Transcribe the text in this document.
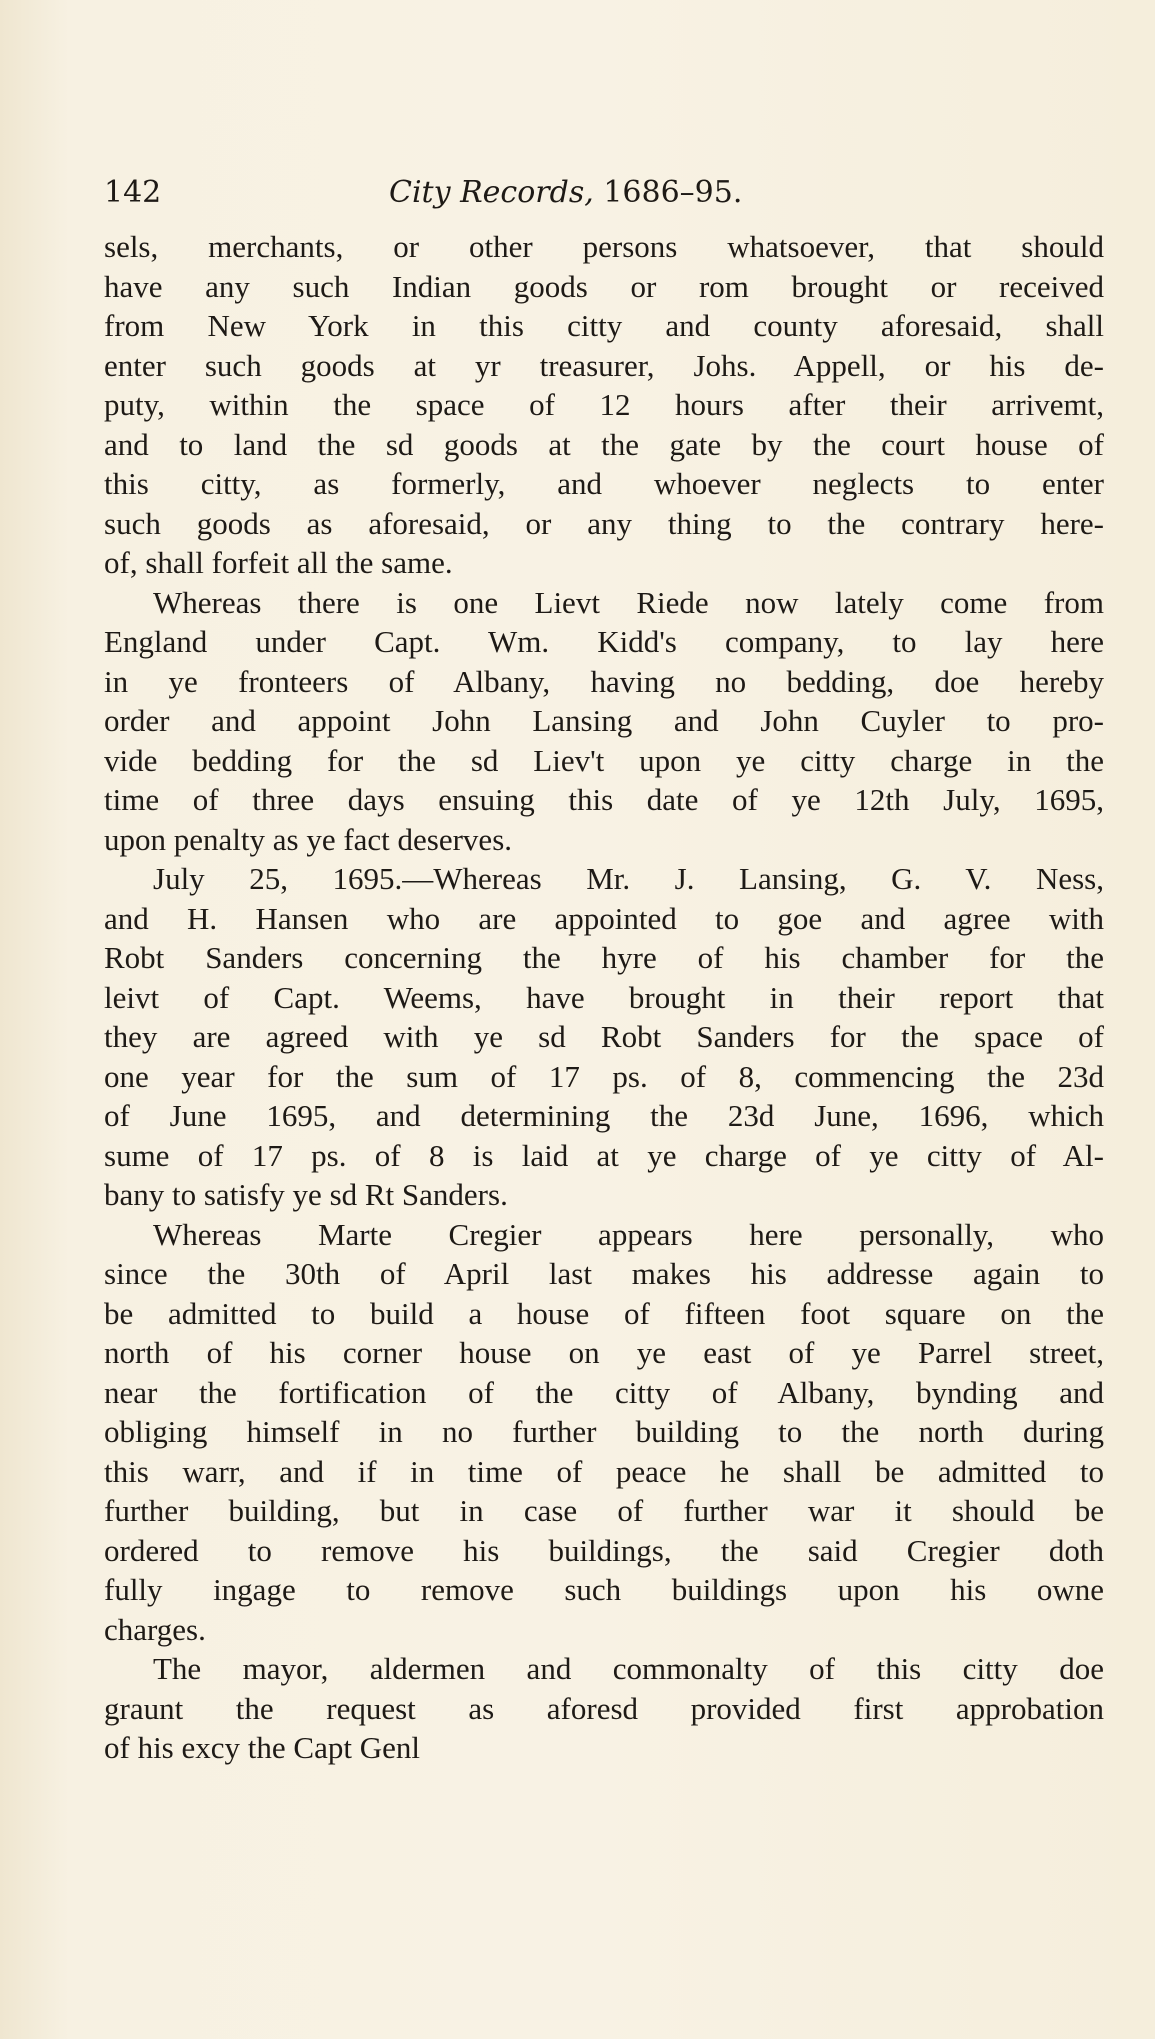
142	City Records, 1686–95.
sels, merchants, or other persons whatsoever, that should
have any such Indian goods or rom brought or received
from New York in this citty and county aforesaid, shall
enter such goods at yr treasurer, Johs. Appell, or his de-
puty, within the space of 12 hours after their arrivemt,
and to land the sd goods at the gate by the court house of
this citty, as formerly, and whoever neglects to enter
such goods as aforesaid, or any thing to the contrary here-
of, shall forfeit all the same.
Whereas there is one Lievt Riede now lately come from
England under Capt. Wm. Kidd's company, to lay here
in ye fronteers of Albany, having no bedding, doe hereby
order and appoint John Lansing and John Cuyler to pro-
vide bedding for the sd Liev't upon ye citty charge in the
time of three days ensuing this date of ye 12th July, 1695,
upon penalty as ye fact deserves.
July 25, 1695.—Whereas Mr. J. Lansing, G. V. Ness,
and H. Hansen who are appointed to goe and agree with
Robt Sanders concerning the hyre of his chamber for the
leivt of Capt. Weems, have brought in their report that
they are agreed with ye sd Robt Sanders for the space of
one year for the sum of 17 ps. of 8, commencing the 23d
of June 1695, and determining the 23d June, 1696, which
sume of 17 ps. of 8 is laid at ye charge of ye citty of Al-
bany to satisfy ye sd Rt Sanders.
Whereas Marte Cregier appears here personally, who
since the 30th of April last makes his addresse again to
be admitted to build a house of fifteen foot square on the
north of his corner house on ye east of ye Parrel street,
near the fortification of the citty of Albany, bynding and
obliging himself in no further building to the north during
this warr, and if in time of peace he shall be admitted to
further building, but in case of further war it should be
ordered to remove his buildings, the said Cregier doth
fully ingage to remove such buildings upon his owne
charges.
The mayor, aldermen and commonalty of this citty doe
graunt the request as aforesd provided first approbation
of his excy the Capt Genl
